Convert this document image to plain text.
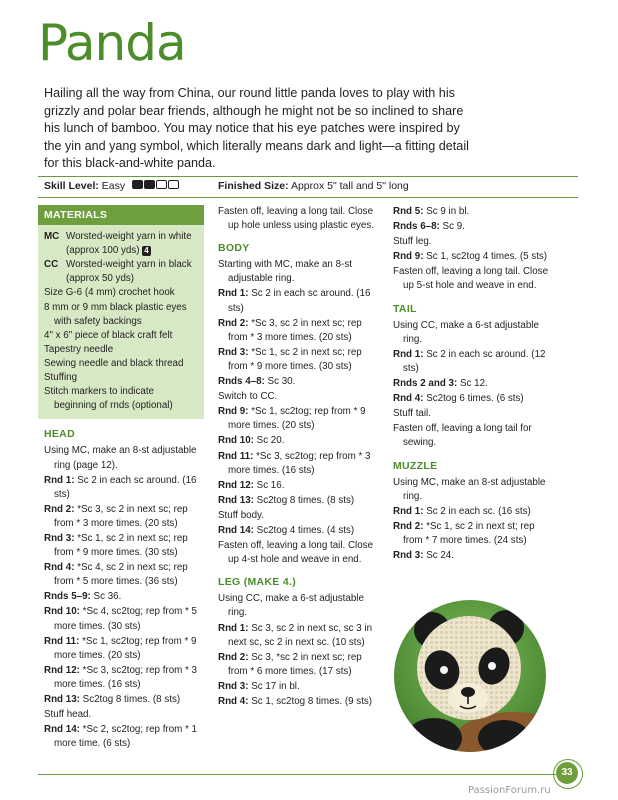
Panda

Hailing all the way from China, our round little panda loves to play with his grizzly and polar bear friends, although he might not be so inclined to share his lunch of bamboo. You may notice that his eye patches were inspired by the yin and yang symbol, which literally means dark and light—a fitting detail for this black-and-white panda.

Skill Level: Easy	Finished Size: Approx 5" tall and 5" long
MATERIALS
MC Worsted-weight yarn in white (approx 100 yds) 4
CC Worsted-weight yarn in black (approx 50 yds)
Size G-6 (4 mm) crochet hook
8 mm or 9 mm black plastic eyes with safety backings
4" x 6" piece of black craft felt
Tapestry needle
Sewing needle and black thread
Stuffing
Stitch markers to indicate beginning of rnds (optional)
HEAD
Using MC, make an 8-st adjustable ring (page 12).
Rnd 1: Sc 2 in each sc around. (16 sts)
Rnd 2: *Sc 3, sc 2 in next sc; rep from * 3 more times. (20 sts)
Rnd 3: *Sc 1, sc 2 in next sc; rep from * 9 more times. (30 sts)
Rnd 4: *Sc 4, sc 2 in next sc; rep from * 5 more times. (36 sts)
Rnds 5–9: Sc 36.
Rnd 10: *Sc 4, sc2tog; rep from * 5 more times. (30 sts)
Rnd 11: *Sc 1, sc2tog; rep from * 9 more times. (20 sts)
Rnd 12: *Sc 3, sc2tog; rep from * 3 more times. (16 sts)
Rnd 13: Sc2tog 8 times. (8 sts)
Stuff head.
Rnd 14: *Sc 2, sc2tog; rep from * 1 more time. (6 sts)
Fasten off, leaving a long tail. Close up hole unless using plastic eyes.
BODY
Starting with MC, make an 8-st adjustable ring.
Rnd 1: Sc 2 in each sc around. (16 sts)
Rnd 2: *Sc 3, sc 2 in next sc; rep from * 3 more times. (20 sts)
Rnd 3: *Sc 1, sc 2 in next sc; rep from * 9 more times. (30 sts)
Rnds 4–8: Sc 30.
Switch to CC.
Rnd 9: *Sc 1, sc2tog; rep from * 9 more times. (20 sts)
Rnd 10: Sc 20.
Rnd 11: *Sc 3, sc2tog; rep from * 3 more times. (16 sts)
Rnd 12: Sc 16.
Rnd 13: Sc2tog 8 times. (8 sts)
Stuff body.
Rnd 14: Sc2tog 4 times. (4 sts)
Fasten off, leaving a long tail. Close up 4-st hole and weave in end.
LEG (MAKE 4.)
Using CC, make a 6-st adjustable ring.
Rnd 1: Sc 3, sc 2 in next sc, sc 3 in next sc, sc 2 in next sc. (10 sts)
Rnd 2: Sc 3, *sc 2 in next sc; rep from * 6 more times. (17 sts)
Rnd 3: Sc 17 in bl.
Rnd 4: Sc 1, sc2tog 8 times. (9 sts)
Rnd 5: Sc 9 in bl.
Rnds 6–8: Sc 9.
Stuff leg.
Rnd 9: Sc 1, sc2tog 4 times. (5 sts)
Fasten off, leaving a long tail. Close up 5-st hole and weave in end.
TAIL
Using CC, make a 6-st adjustable ring.
Rnd 1: Sc 2 in each sc around. (12 sts)
Rnds 2 and 3: Sc 12.
Rnd 4: Sc2tog 6 times. (6 sts)
Stuff tail.
Fasten off, leaving a long tail for sewing.
MUZZLE
Using MC, make an 8-st adjustable ring.
Rnd 1: Sc 2 in each sc. (16 sts)
Rnd 2: *Sc 1, sc 2 in next st; rep from * 7 more times. (24 sts)
Rnd 3: Sc 24.
33
PassionForum.ru
